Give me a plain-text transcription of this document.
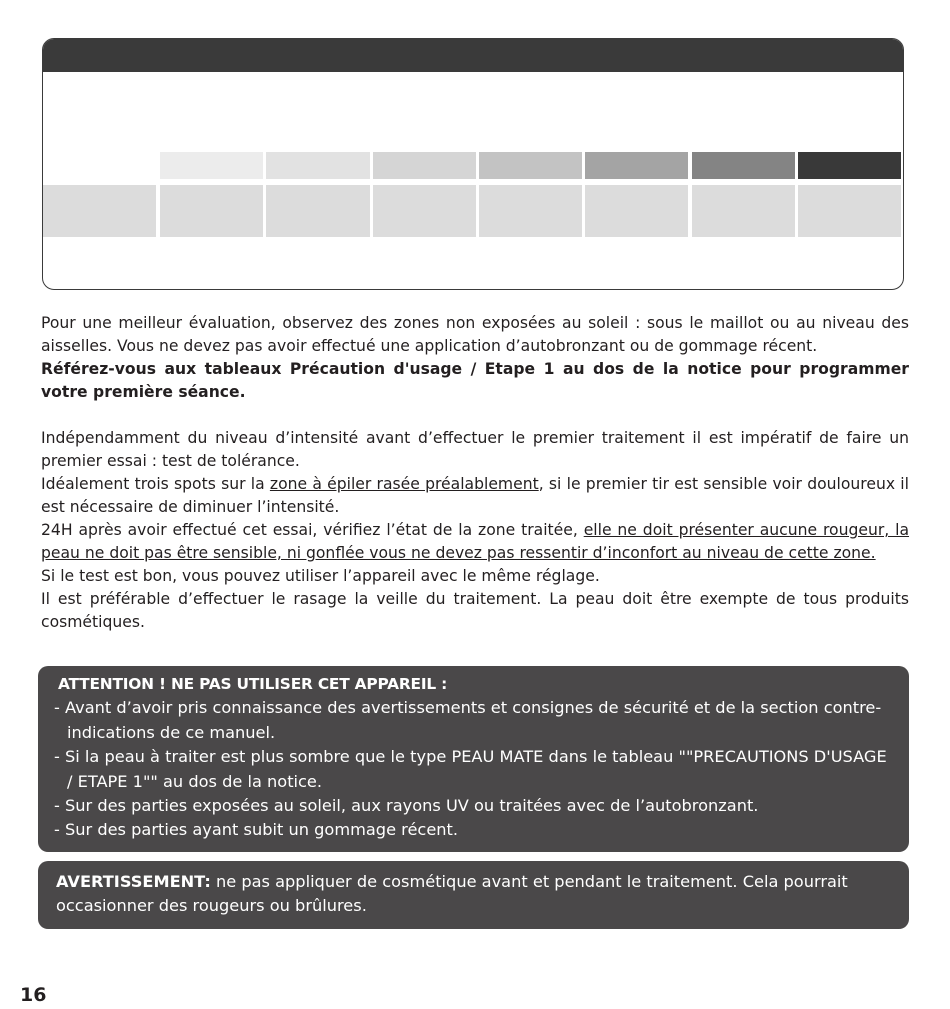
Pour une meilleur évaluation, observez des zones non exposées au soleil : sous le maillot ou au niveau des aisselles. Vous ne devez pas avoir effectué une application d’autobronzant ou de gommage récent.
Référez-vous aux tableaux Précaution d'usage / Etape 1 au dos de la notice pour programmer votre première séance.

Indépendamment du niveau d’intensité avant d’effectuer le premier traitement il est impératif de faire un premier essai : test de tolérance.

Idéalement trois spots sur la zone à épiler rasée préalablement, si le premier tir est sensible voir douloureux il est nécessaire de diminuer l’intensité.

24H après avoir effectué cet essai, vérifiez l’état de la zone traitée, elle ne doit présenter aucune rougeur, la peau ne doit pas être sensible, ni gonflée vous ne devez pas ressentir d’inconfort au niveau de cette zone.

Si le test est bon, vous pouvez utiliser l’appareil avec le même réglage.

Il est préférable d’effectuer le rasage la veille du traitement. La peau doit être exempte de tous produits cosmétiques.

ATTENTION ! NE PAS UTILISER CET APPAREIL :
- Avant d’avoir pris connaissance des avertissements et consignes de sécurité et de la section contre-indications de ce manuel.
- Si la peau à traiter est plus sombre que le type PEAU MATE dans le tableau ""PRECAUTIONS D'USAGE / ETAPE 1"" au dos de la notice.
- Sur des parties exposées au soleil, aux rayons UV ou traitées avec de l’autobronzant.
- Sur des parties ayant subit un gommage récent.
AVERTISSEMENT: ne pas appliquer de cosmétique avant et pendant le traitement. Cela pourrait occasionner des rougeurs ou brûlures.
16
